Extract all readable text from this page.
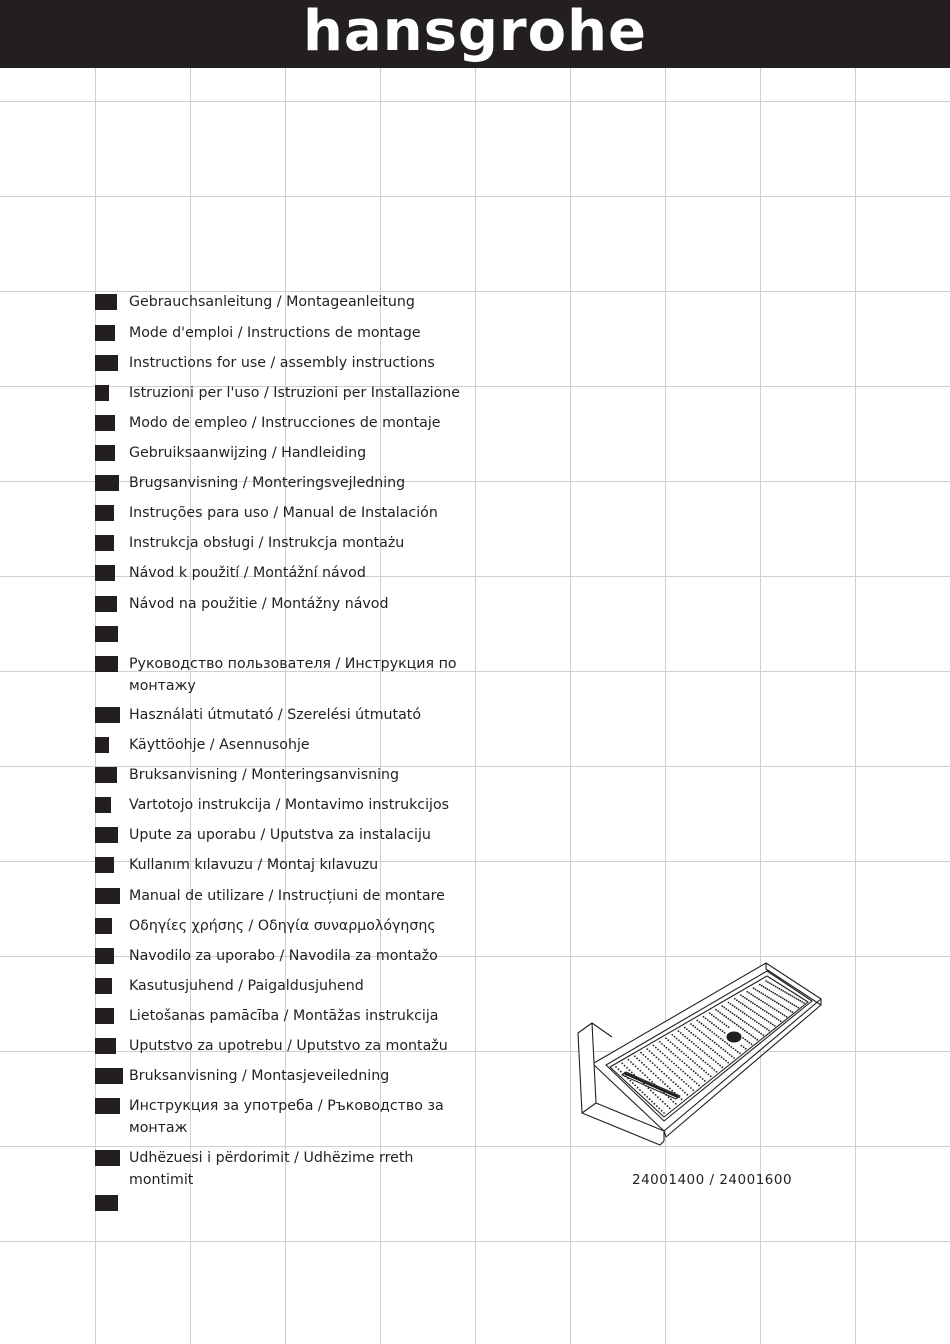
hansgrohe
Gebrauchsanleitung / Montageanleitung
Mode d'emploi / Instructions de montage
Instructions for use / assembly instructions
Istruzioni per l'uso / Istruzioni per Installazione
Modo de empleo / Instrucciones de montaje
Gebruiksaanwijzing / Handleiding
Brugsanvisning / Monteringsvejledning
Instruções para uso / Manual de Instalación
Instrukcja obsługi / Instrukcja montażu
Návod k použití / Montážní návod
Návod na použitie / Montážny návod
Руководство пользователя / Инструкция по монтажу
Használati útmutató / Szerelési útmutató
Käyttöohje / Asennusohje
Bruksanvisning / Monteringsanvisning
Vartotojo instrukcija / Montavimo instrukcijos
Upute za uporabu / Uputstva za instalaciju
Kullanım kılavuzu / Montaj kılavuzu
Manual de utilizare / Instrucțiuni de montare
Οδηγίες χρήσης / Οδηγία συναρμολόγησης
Navodilo za uporabo / Navodila za montažo
Kasutusjuhend / Paigaldusjuhend
Lietošanas pamācība / Montāžas instrukcija
Uputstvo za upotrebu / Uputstvo za montažu
Bruksanvisning / Montasjeveiledning
Инструкция за употреба / Ръководство за монтаж
Udhëzuesi i përdorimit / Udhëzime rreth montimit	24001400 / 24001600
